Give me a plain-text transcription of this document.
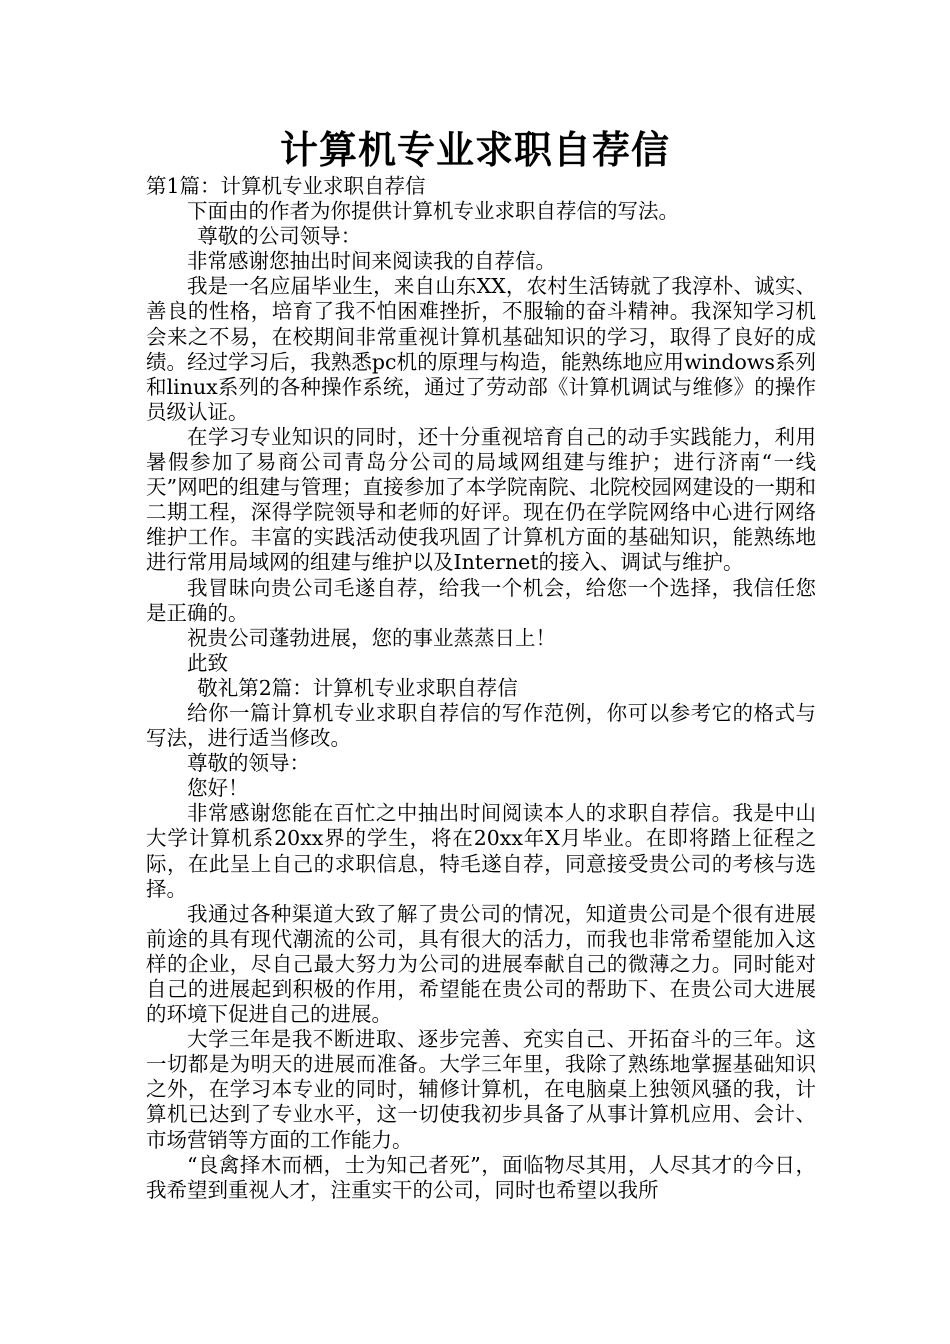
计算机专业求职自荐信

第1篇：计算机专业求职自荐信

下面由的作者为你提供计算机专业求职自荐信的写法。

尊敬的公司领导：

非常感谢您抽出时间来阅读我的自荐信。

我是一名应届毕业生，来自山东XX，农村生活铸就了我淳朴、诚实、善良的性格，培育了我不怕困难挫折，不服输的奋斗精神。我深知学习机会来之不易，在校期间非常重视计算机基础知识的学习，取得了良好的成绩。经过学习后，我熟悉pc机的原理与构造，能熟练地应用windows系列和linux系列的各种操作系统，通过了劳动部《计算机调试与维修》的操作员级认证。

在学习专业知识的同时，还十分重视培育自己的动手实践能力，利用暑假参加了易商公司青岛分公司的局域网组建与维护；进行济南“一线天”网吧的组建与管理；直接参加了本学院南院、北院校园网建设的一期和二期工程，深得学院领导和老师的好评。现在仍在学院网络中心进行网络维护工作。丰富的实践活动使我巩固了计算机方面的基础知识，能熟练地进行常用局域网的组建与维护以及Internet的接入、调试与维护。

我冒昧向贵公司毛遂自荐，给我一个机会，给您一个选择，我信任您是正确的。

祝贵公司蓬勃进展，您的事业蒸蒸日上！

此致

敬礼第2篇：计算机专业求职自荐信

给你一篇计算机专业求职自荐信的写作范例，你可以参考它的格式与写法，进行适当修改。

尊敬的领导：

您好！

非常感谢您能在百忙之中抽出时间阅读本人的求职自荐信。我是中山大学计算机系20xx界的学生，将在20xx年X月毕业。在即将踏上征程之际，在此呈上自己的求职信息，特毛遂自荐，同意接受贵公司的考核与选择。

我通过各种渠道大致了解了贵公司的情况，知道贵公司是个很有进展前途的具有现代潮流的公司，具有很大的活力，而我也非常希望能加入这样的企业，尽自己最大努力为公司的进展奉献自己的微薄之力。同时能对自己的进展起到积极的作用，希望能在贵公司的帮助下、在贵公司大进展的环境下促进自己的进展。

大学三年是我不断进取、逐步完善、充实自己、开拓奋斗的三年。这一切都是为明天的进展而准备。大学三年里，我除了熟练地掌握基础知识之外，在学习本专业的同时，辅修计算机，在电脑桌上独领风骚的我，计算机已达到了专业水平，这一切使我初步具备了从事计算机应用、会计、市场营销等方面的工作能力。

“良禽择木而栖，士为知己者死”，面临物尽其用，人尽其才的今日，我希望到重视人才，注重实干的公司，同时也希望以我所
